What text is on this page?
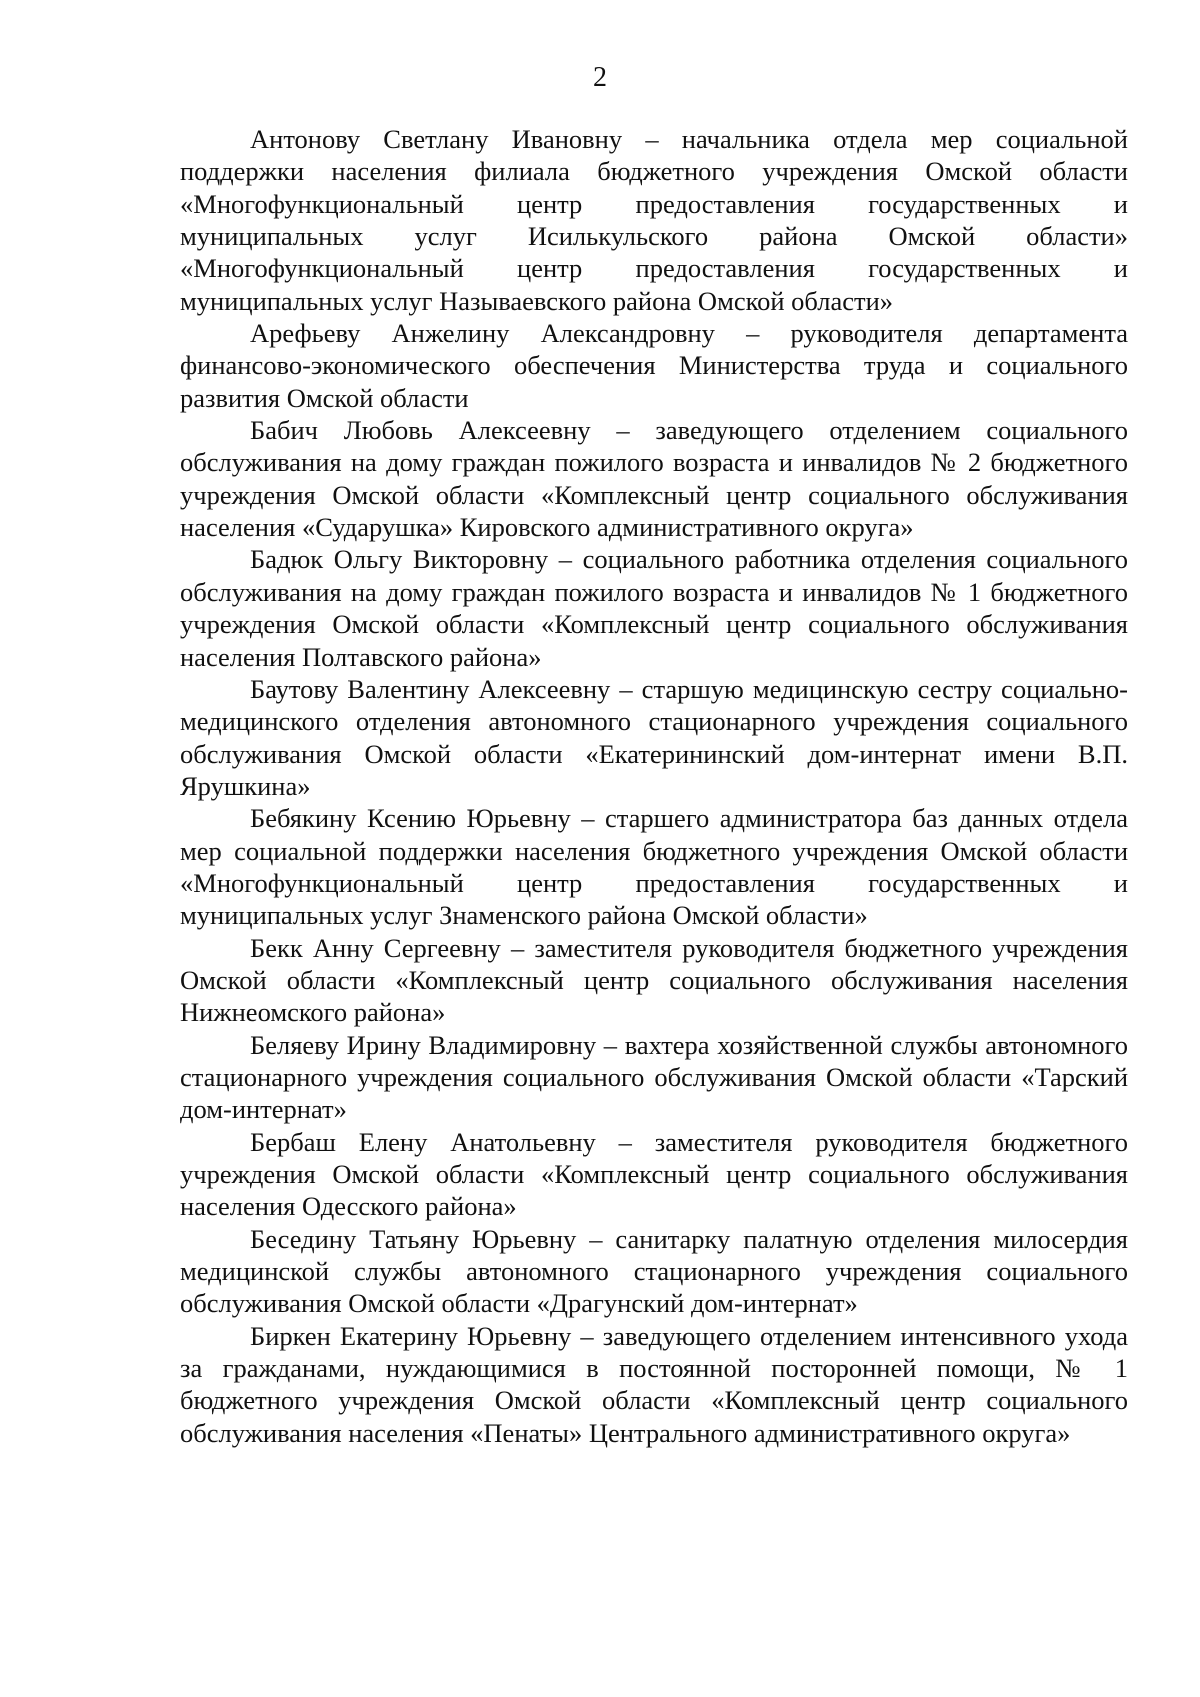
2

Антонову Светлану Ивановну – начальника отдела мер социальной поддержки населения филиала бюджетного учреждения Омской области «Многофункциональный центр предоставления государственных и муниципальных услуг Исилькульского района Омской области» «Многофункциональный центр предоставления государственных и муниципальных услуг Называевского района Омской области»

Арефьеву Анжелину Александровну – руководителя департамента финансово-экономического обеспечения Министерства труда и социального развития Омской области

Бабич Любовь Алексеевну – заведующего отделением социального обслуживания на дому граждан пожилого возраста и инвалидов № 2 бюджетного учреждения Омской области «Комплексный центр социального обслуживания населения «Сударушка» Кировского административного округа»

Бадюк Ольгу Викторовну – социального работника отделения социального обслуживания на дому граждан пожилого возраста и инвалидов № 1 бюджетного учреждения Омской области «Комплексный центр социального обслуживания населения Полтавского района»

Баутову Валентину Алексеевну – старшую медицинскую сестру социально-медицинского отделения автономного стационарного учреждения социального обслуживания Омской области «Екатерининский дом-интернат имени В.П. Ярушкина»

Бебякину Ксению Юрьевну – старшего администратора баз данных отдела мер социальной поддержки населения бюджетного учреждения Омской области «Многофункциональный центр предоставления государственных и муниципальных услуг Знаменского района Омской области»

Бекк Анну Сергеевну – заместителя руководителя бюджетного учреждения Омской области «Комплексный центр социального обслуживания населения Нижнеомского района»

Беляеву Ирину Владимировну – вахтера хозяйственной службы автономного стационарного учреждения социального обслуживания Омской области «Тарский дом-интернат»

Бербаш Елену Анатольевну – заместителя руководителя бюджетного учреждения Омской области «Комплексный центр социального обслуживания населения Одесского района»

Беседину Татьяну Юрьевну – санитарку палатную отделения милосердия медицинской службы автономного стационарного учреждения социального обслуживания Омской области «Драгунский дом-интернат»

Биркен Екатерину Юрьевну – заведующего отделением интенсивного ухода за гражданами, нуждающимися в постоянной посторонней помощи, № 1 бюджетного учреждения Омской области «Комплексный центр социального обслуживания населения «Пенаты» Центрального административного округа»
